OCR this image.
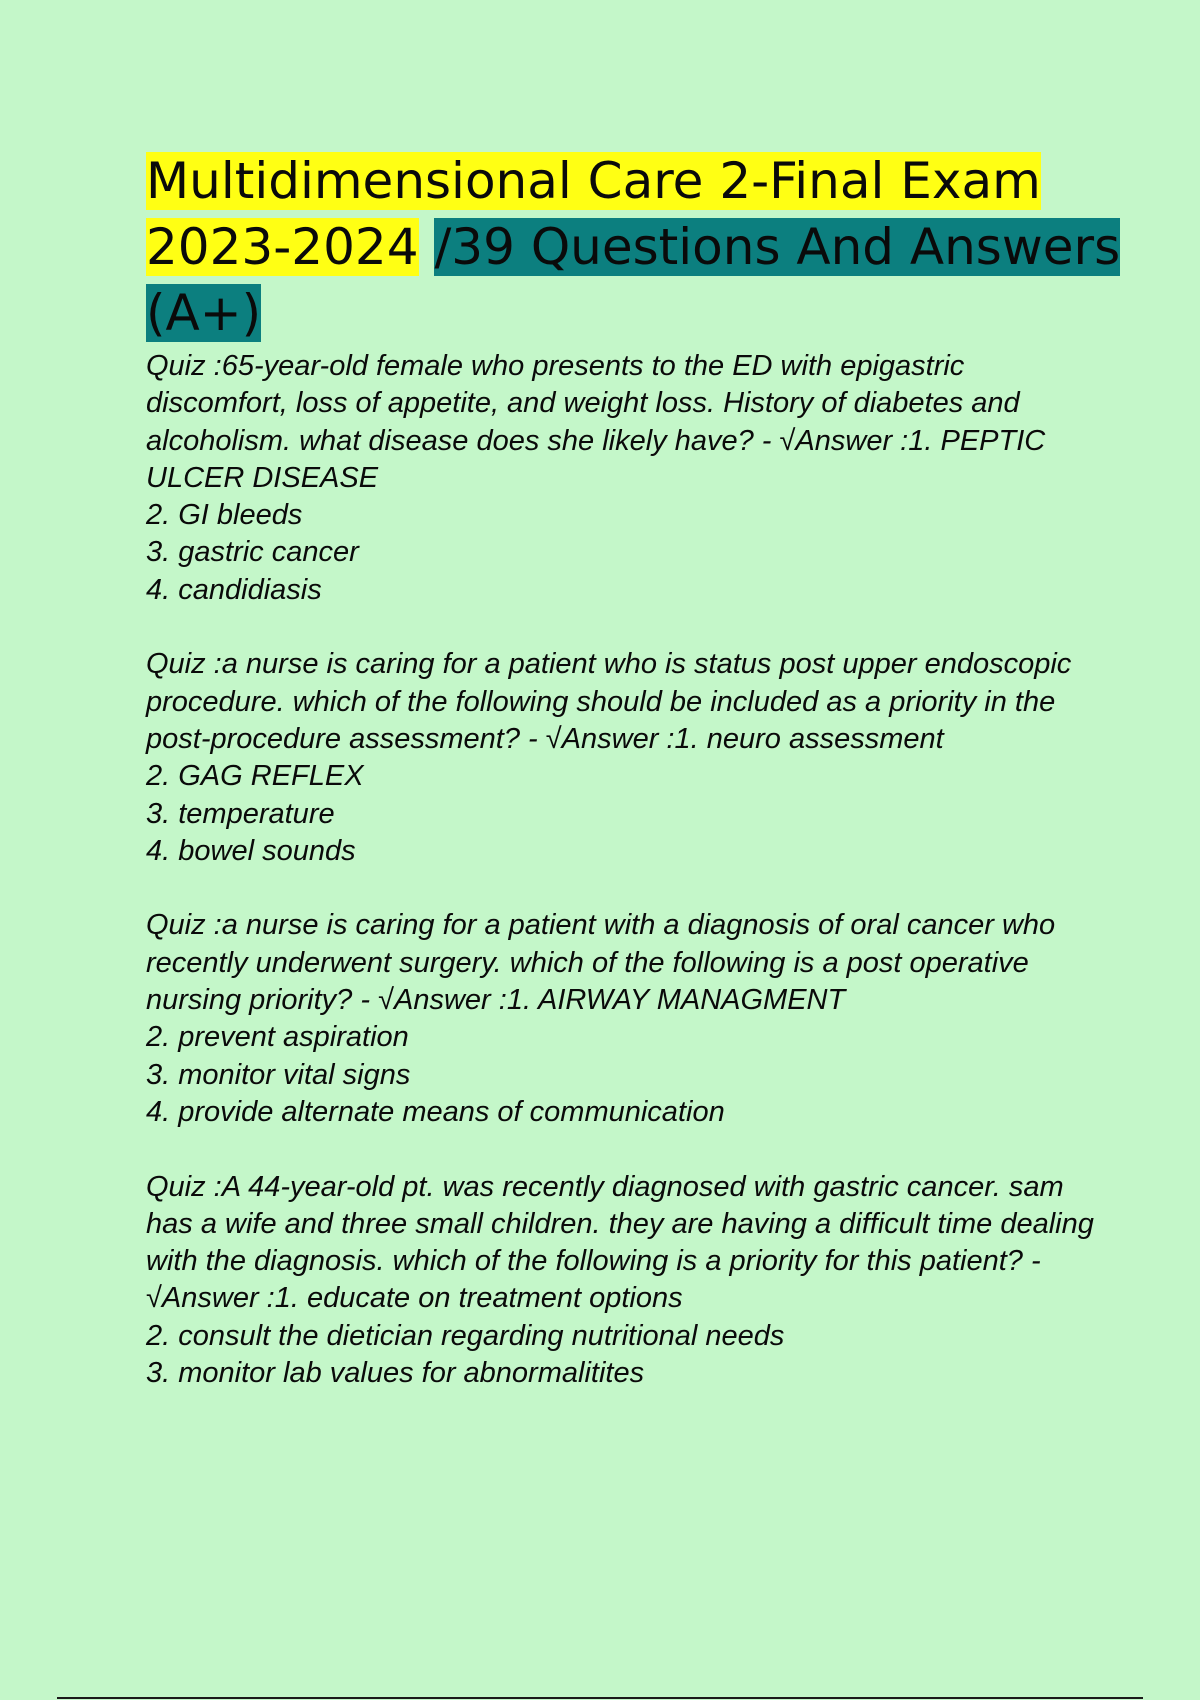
Multidimensional Care 2-Final Exam 2023-2024 /39 Questions And Answers (A+)

Quiz :65-year-old female who presents to the ED with epigastric discomfort, loss of appetite, and weight loss. History of diabetes and alcoholism. what disease does she likely have? - √Answer :1. PEPTIC ULCER DISEASE

2. GI bleeds

3. gastric cancer

4. candidiasis

Quiz :a nurse is caring for a patient who is status post upper endoscopic procedure. which of the following should be included as a priority in the post-procedure assessment? - √Answer :1. neuro assessment

2. GAG REFLEX

3. temperature

4. bowel sounds

Quiz :a nurse is caring for a patient with a diagnosis of oral cancer who recently underwent surgery. which of the following is a post operative nursing priority? - √Answer :1. AIRWAY MANAGMENT

2. prevent aspiration

3. monitor vital signs

4. provide alternate means of communication

Quiz :A 44-year-old pt. was recently diagnosed with gastric cancer. sam has a wife and three small children. they are having a difficult time dealing with the diagnosis. which of the following is a priority for this patient? - √Answer :1. educate on treatment options

2. consult the dietician regarding nutritional needs

3. monitor lab values for abnormalitites
